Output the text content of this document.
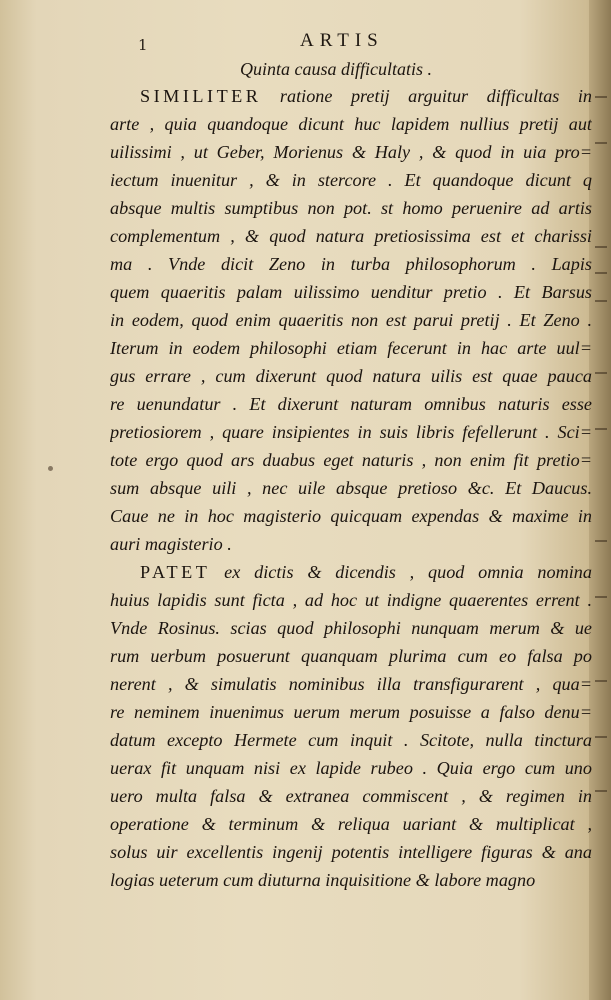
1	ARTIS
Quinta causa difficultatis .
SIMILITER ratione pretij arguitur difficultas in
arte , quia quandoque dicunt huc lapidem nullius pretij aut
uilissimi , ut Geber, Morienus & Haly , & quod in uia pro=
iectum inuenitur , & in stercore . Et quandoque dicunt q
absque multis sumptibus non pot. st homo peruenire ad artis
complementum , & quod natura pretiosissima est et charissi
ma . Vnde dicit Zeno in turba philosophorum . Lapis
quem quaeritis palam uilissimo uenditur pretio . Et Barsus
in eodem, quod enim quaeritis non est parui pretij . Et Zeno .
Iterum in eodem philosophi etiam fecerunt in hac arte uul=
gus errare , cum dixerunt quod natura uilis est quae pauca
re uenundatur . Et dixerunt naturam omnibus naturis esse
pretiosiorem , quare insipientes in suis libris fefellerunt . Sci=
tote ergo quod ars duabus eget naturis , non enim fit pretio=
sum absque uili , nec uile absque pretioso &c. Et Daucus.
Caue ne in hoc magisterio quicquam expendas & maxime in
auri magisterio .
PATET ex dictis & dicendis , quod omnia nomina
huius lapidis sunt ficta , ad hoc ut indigne quaerentes errent .
Vnde Rosinus. scias quod philosophi nunquam merum & ue
rum uerbum posuerunt quanquam plurima cum eo falsa po
nerent , & simulatis nominibus illa transfigurarent , qua=
re neminem inuenimus uerum merum posuisse a falso denu=
datum excepto Hermete cum inquit . Scitote, nulla tinctura
uerax fit unquam nisi ex lapide rubeo . Quia ergo cum uno
uero multa falsa & extranea commiscent , & regimen in
operatione & terminum & reliqua uariant & multiplicat ,
solus uir excellentis ingenij potentis intelligere figuras & ana
logias ueterum cum diuturna inquisitione & labore magno
